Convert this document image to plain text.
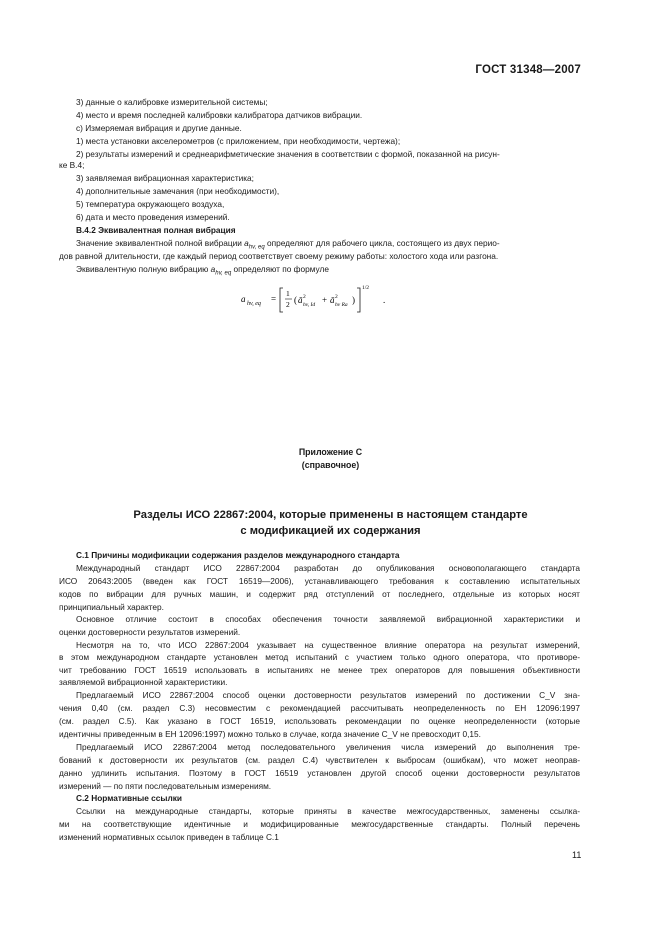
ГОСТ 31348—2007
3) данные о калибровке измерительной системы;
4) место и время последней калибровки калибратора датчиков вибрации.
c) Измеряемая вибрация и другие данные.
1) места установки акселерометров (с приложением, при необходимости, чертежа);
2) результаты измерений и среднеарифметические значения в соответствии с формой, показанной на рисун-
ке В.4;
3) заявляемая вибрационная характеристика;
4) дополнительные замечания (при необходимости),
5) температура окружающего воздуха,
6) дата и место проведения измерений.
В.4.2 Эквивалентная полная вибрация
Значение эквивалентной полной вибрации $a_{hv, eq}$ определяют для рабочего цикла, состоящего из двух перио-
дов равной длительности, где каждый период соответствует своему режиму работы: холостого хода или разгона.
Эквивалентную полную вибрацию $a_{hv, eq}$ определяют по формуле
a hv, eq =
1
2 ( ā 2
hv, Id + ā 2
hv Ra )
1/2
.
Приложение С
(справочное)
Разделы ИСО 22867:2004, которые применены в настоящем стандарте
с модификацией их содержания
С.1 Причины модификации содержания разделов международного стандарта
Международный стандарт ИСО 22867:2004 разработан до опубликования основополагающего стандарта
ИСО 20643:2005 (введен как ГОСТ 16519—2006), устанавливающего требования к составлению испытательных
кодов по вибрации для ручных машин, и содержит ряд отступлений от последнего, отдельные из которых носят
принципиальный характер.
Основное отличие состоит в способах обеспечения точности заявляемой вибрационной характеристики и
оценки достоверности результатов измерений.
Несмотря на то, что ИСО 22867:2004 указывает на существенное влияние оператора на результат измерений,
в этом международном стандарте установлен метод испытаний с участием только одного оператора, что противоре-
чит требованию ГОСТ 16519 использовать в испытаниях не менее трех операторов для повышения объективности
заявляемой вибрационной характеристики.
Предлагаемый ИСО 22867:2004 способ оценки достоверности результатов измерений по достижении C_V зна-
чения 0,40 (см. раздел С.3) несовместим с рекомендацией рассчитывать неопределенность по ЕН 12096:1997
(см. раздел С.5). Как указано в ГОСТ 16519, использовать рекомендации по оценке неопределенности (которые
идентичны приведенным в ЕН 12096:1997) можно только в случае, когда значение C_V не превосходит 0,15.
Предлагаемый ИСО 22867:2004 метод последовательного увеличения числа измерений до выполнения тре-
бований к достоверности их результатов (см. раздел С.4) чувствителен к выбросам (ошибкам), что может неоправ-
данно удлинить испытания. Поэтому в ГОСТ 16519 установлен другой способ оценки достоверности результатов
измерений — по пяти последовательным измерениям.
С.2 Нормативные ссылки
Ссылки на международные стандарты, которые приняты в качестве межгосударственных, заменены ссылка-
ми на соответствующие идентичные и модифицированные межгосударственные стандарты. Полный перечень
изменений нормативных ссылок приведен в таблице С.1
11
